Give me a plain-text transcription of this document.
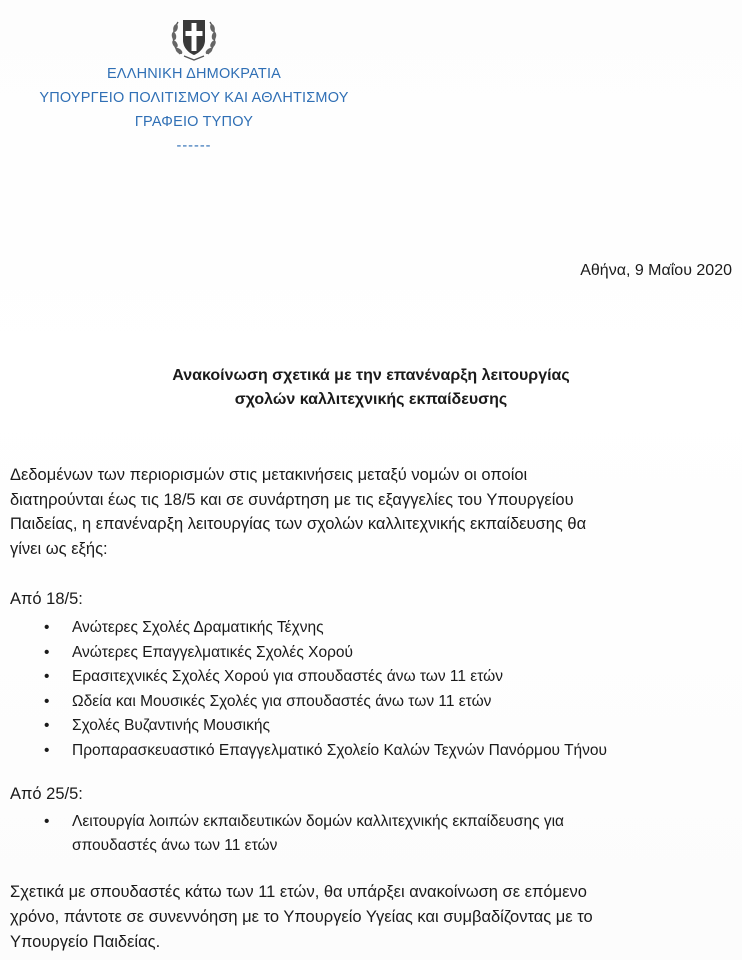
ΕΛΛΗΝΙΚΗ ΔΗΜΟΚΡΑΤΙΑ
ΥΠΟΥΡΓΕΙΟ ΠΟΛΙΤΙΣΜΟΥ ΚΑΙ ΑΘΛΗΤΙΣΜΟΥ
ΓΡΑΦΕΙΟ ΤΥΠΟΥ
------
Αθήνα, 9 Μαΐου 2020
Ανακοίνωση σχετικά με την επανέναρξη λειτουργίας
σχολών καλλιτεχνικής εκπαίδευσης
Δεδομένων των περιορισμών στις μετακινήσεις μεταξύ νομών οι οποίοι
διατηρούνται έως τις 18/5 και σε συνάρτηση με τις εξαγγελίες του Υπουργείου
Παιδείας, η επανέναρξη λειτουργίας των σχολών καλλιτεχνικής εκπαίδευσης θα
γίνει ως εξής:
Από 18/5:
• Ανώτερες Σχολές Δραματικής Τέχνης
• Ανώτερες Επαγγελματικές Σχολές Χορού
• Ερασιτεχνικές Σχολές Χορού για σπουδαστές άνω των 11 ετών
• Ωδεία και Μουσικές Σχολές για σπουδαστές άνω των 11 ετών
• Σχολές Βυζαντινής Μουσικής
• Προπαρασκευαστικό Επαγγελματικό Σχολείο Καλών Τεχνών Πανόρμου Τήνου
Από 25/5:
• Λειτουργία λοιπών εκπαιδευτικών δομών καλλιτεχνικής εκπαίδευσης για
σπουδαστές άνω των 11 ετών
Σχετικά με σπουδαστές κάτω των 11 ετών, θα υπάρξει ανακοίνωση σε επόμενο
χρόνο, πάντοτε σε συνεννόηση με το Υπουργείο Υγείας και συμβαδίζοντας με το
Υπουργείο Παιδείας.
